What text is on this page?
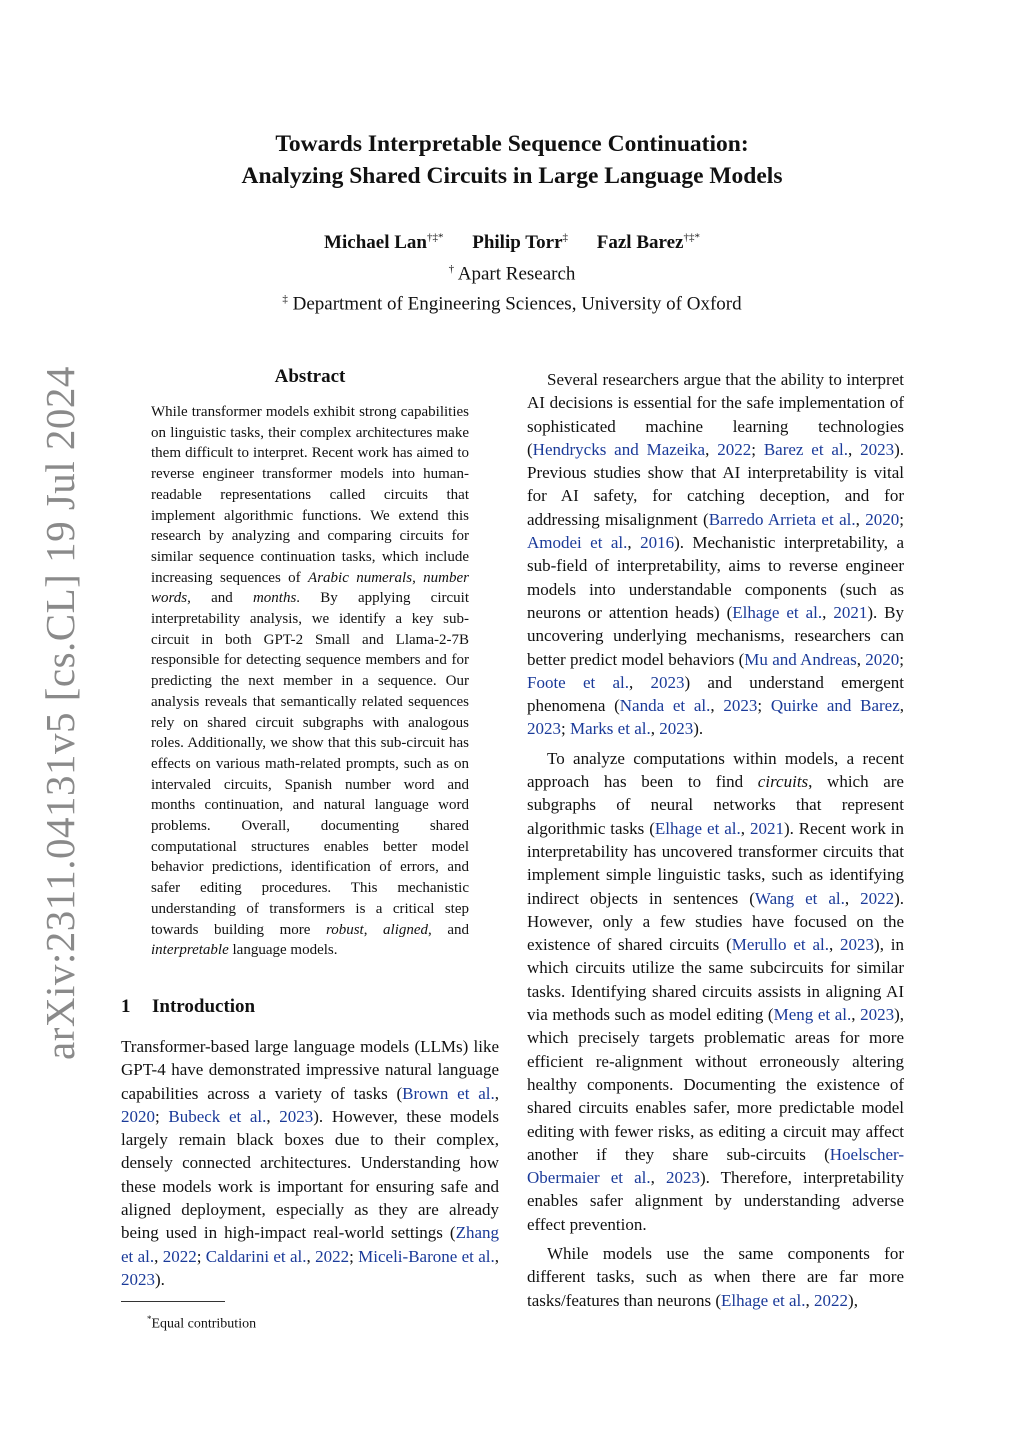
arXiv:2311.04131v5 [cs.CL] 19 Jul 2024
Towards Interpretable Sequence Continuation:
Analyzing Shared Circuits in Large Language Models
Michael Lan†‡* Philip Torr‡ Fazl Barez†‡*
† Apart Research
‡ Department of Engineering Sciences, University of Oxford
Abstract
While transformer models exhibit strong capabilities on linguistic tasks, their complex architectures make them difficult to interpret. Recent work has aimed to reverse engineer transformer models into human-readable representations called circuits that implement algorithmic functions. We extend this research by analyzing and comparing circuits for similar sequence continuation tasks, which include increasing sequences of Arabic numerals, number words, and months. By applying circuit interpretability analysis, we identify a key sub-circuit in both GPT-2 Small and Llama-2-7B responsible for detecting sequence members and for predicting the next member in a sequence. Our analysis reveals that semantically related sequences rely on shared circuit subgraphs with analogous roles. Additionally, we show that this sub-circuit has effects on various math-related prompts, such as on intervaled circuits, Spanish number word and months continuation, and natural language word problems. Overall, documenting shared computational structures enables better model behavior predictions, identification of errors, and safer editing procedures. This mechanistic understanding of transformers is a critical step towards building more robust, aligned, and interpretable language models.
1 Introduction

Transformer-based large language models (LLMs) like GPT-4 have demonstrated impressive natural language capabilities across a variety of tasks (Brown et al., 2020; Bubeck et al., 2023). However, these models largely remain black boxes due to their complex, densely connected architectures. Understanding how these models work is important for ensuring safe and aligned deployment, especially as they are already being used in high-impact real-world settings (Zhang et al., 2022; Caldarini et al., 2022; Miceli-Barone et al., 2023).

*Equal contribution

Several researchers argue that the ability to interpret AI decisions is essential for the safe implementation of sophisticated machine learning technologies (Hendrycks and Mazeika, 2022; Barez et al., 2023). Previous studies show that AI interpretability is vital for AI safety, for catching deception, and for addressing misalignment (Barredo Arrieta et al., 2020; Amodei et al., 2016). Mechanistic interpretability, a sub-field of interpretability, aims to reverse engineer models into understandable components (such as neurons or attention heads) (Elhage et al., 2021). By uncovering underlying mechanisms, researchers can better predict model behaviors (Mu and Andreas, 2020; Foote et al., 2023) and understand emergent phenomena (Nanda et al., 2023; Quirke and Barez, 2023; Marks et al., 2023).

To analyze computations within models, a recent approach has been to find circuits, which are subgraphs of neural networks that represent algorithmic tasks (Elhage et al., 2021). Recent work in interpretability has uncovered transformer circuits that implement simple linguistic tasks, such as identifying indirect objects in sentences (Wang et al., 2022). However, only a few studies have focused on the existence of shared circuits (Merullo et al., 2023), in which circuits utilize the same subcircuits for similar tasks. Identifying shared circuits assists in aligning AI via methods such as model editing (Meng et al., 2023), which precisely targets problematic areas for more efficient re-alignment without erroneously altering healthy components. Documenting the existence of shared circuits enables safer, more predictable model editing with fewer risks, as editing a circuit may affect another if they share sub-circuits (Hoelscher-Obermaier et al., 2023). Therefore, interpretability enables safer alignment by understanding adverse effect prevention.

While models use the same components for different tasks, such as when there are far more tasks/features than neurons (Elhage et al., 2022),
